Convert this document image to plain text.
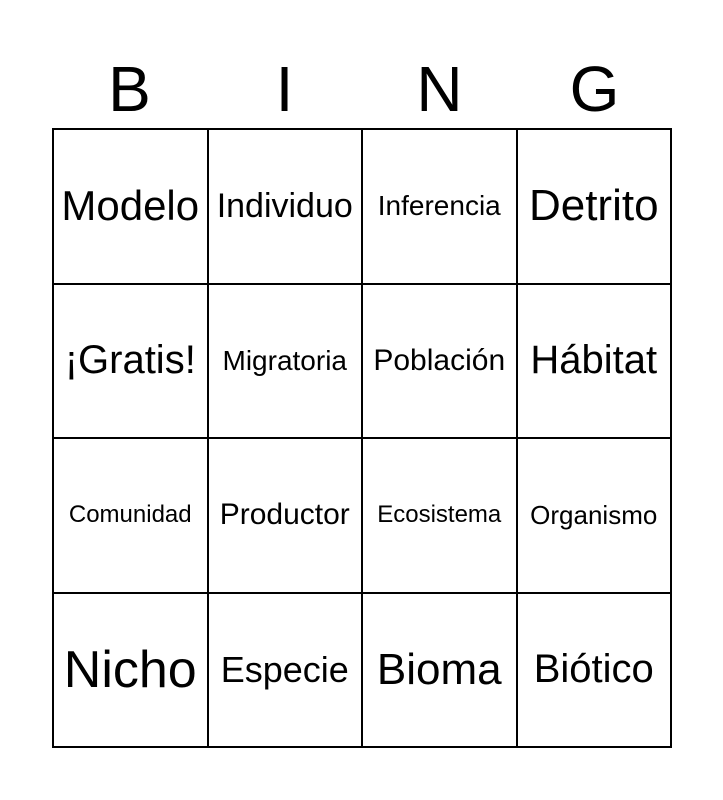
B	I	N	G
Modelo Individuo Inferencia Detrito
¡Gratis! Migratoria Población Hábitat
Comunidad Productor	Ecosistema	Organismo
Nicho Especie Bioma Biótico
